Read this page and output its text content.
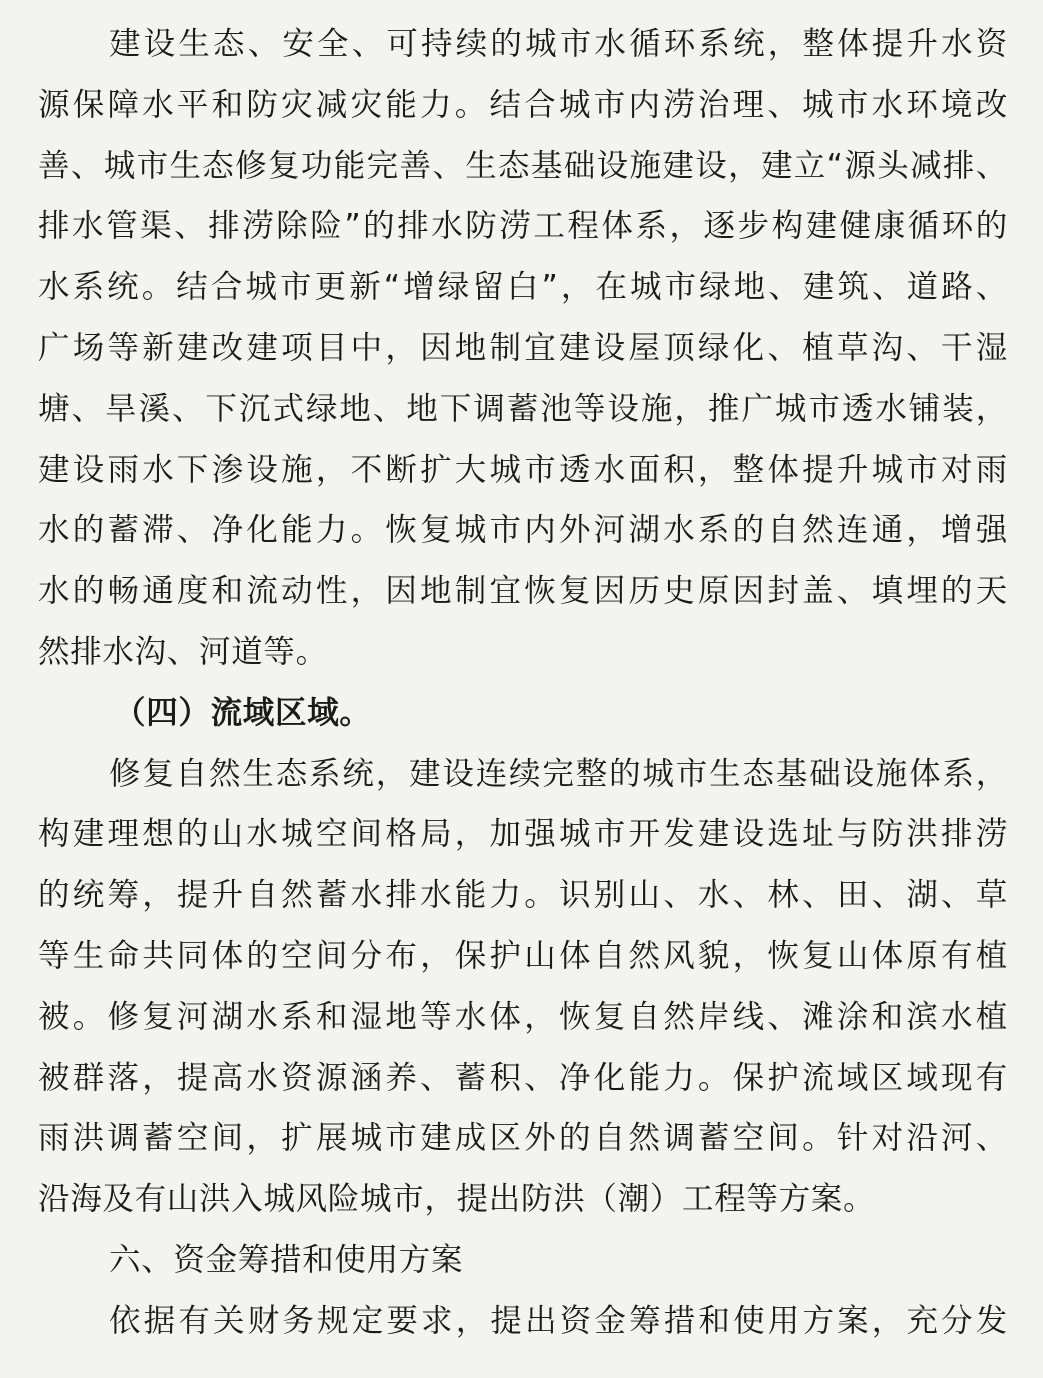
建设生态、安全、可持续的城市水循环系统，整体提升水资
源保障水平和防灾减灾能力。结合城市内涝治理、城市水环境改
善、城市生态修复功能完善、生态基础设施建设，建立“源头减排、
排水管渠、排涝除险”的排水防涝工程体系，逐步构建健康循环的
水系统。结合城市更新“增绿留白”，在城市绿地、建筑、道路、
广场等新建改建项目中，因地制宜建设屋顶绿化、植草沟、干湿
塘、旱溪、下沉式绿地、地下调蓄池等设施，推广城市透水铺装，
建设雨水下渗设施，不断扩大城市透水面积，整体提升城市对雨
水的蓄滞、净化能力。恢复城市内外河湖水系的自然连通，增强
水的畅通度和流动性，因地制宜恢复因历史原因封盖、填埋的天
然排水沟、河道等。
（四）流域区域。
修复自然生态系统，建设连续完整的城市生态基础设施体系，
构建理想的山水城空间格局，加强城市开发建设选址与防洪排涝
的统筹，提升自然蓄水排水能力。识别山、水、林、田、湖、草
等生命共同体的空间分布，保护山体自然风貌，恢复山体原有植
被。修复河湖水系和湿地等水体，恢复自然岸线、滩涂和滨水植
被群落，提高水资源涵养、蓄积、净化能力。保护流域区域现有
雨洪调蓄空间，扩展城市建成区外的自然调蓄空间。针对沿河、
沿海及有山洪入城风险城市，提出防洪（潮）工程等方案。
六、资金筹措和使用方案
依据有关财务规定要求，提出资金筹措和使用方案，充分发
